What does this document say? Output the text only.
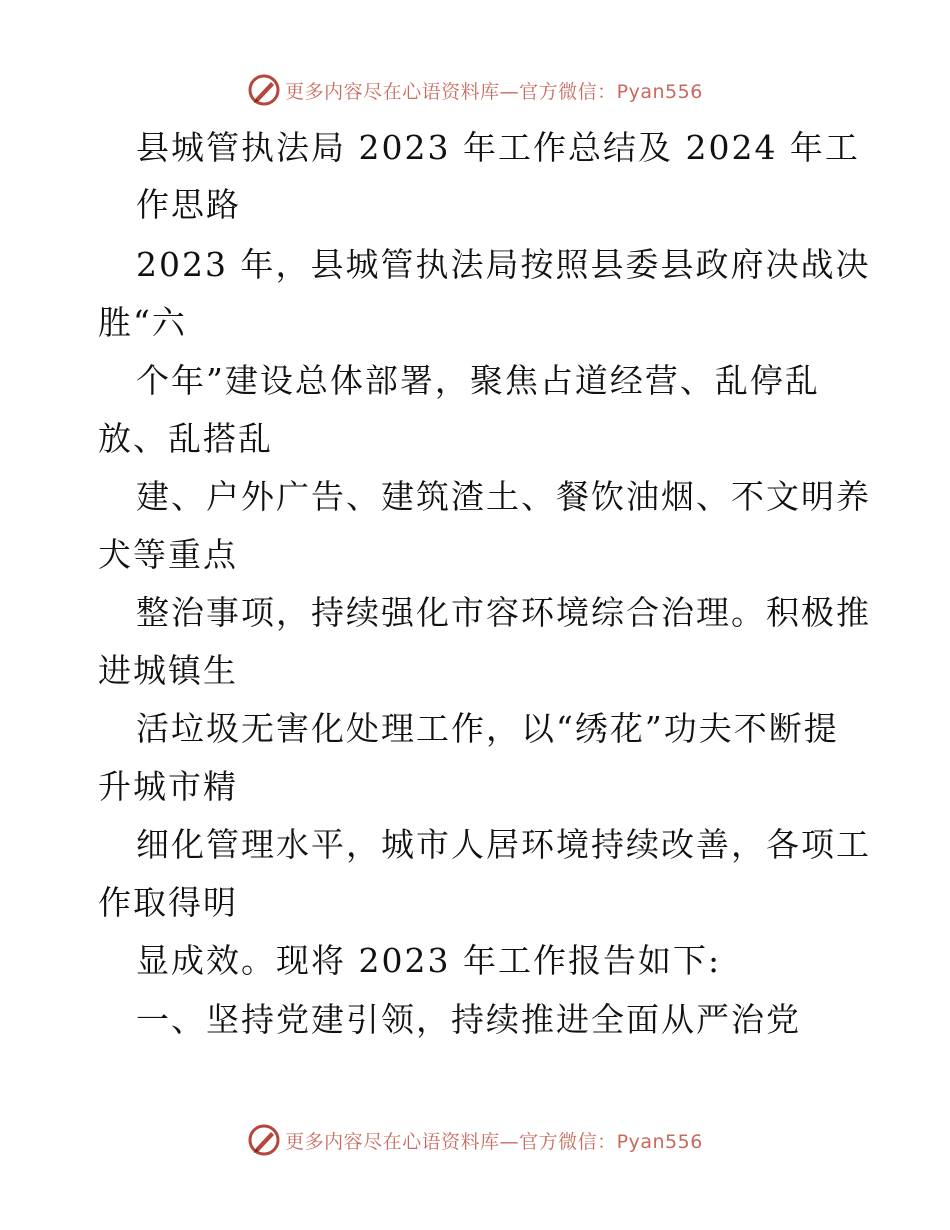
更多内容尽在心语资料库—官方微信：Pyan556
县城管执法局 2023 年工作总结及 2024 年工
作思路
2023 年，县城管执法局按照县委县政府决战决
胜“六
个年”建设总体部署，聚焦占道经营、乱停乱
放、乱搭乱
建、户外广告、建筑渣土、餐饮油烟、不文明养
犬等重点
整治事项，持续强化市容环境综合治理。积极推
进城镇生
活垃圾无害化处理工作，以“绣花”功夫不断提
升城市精
细化管理水平，城市人居环境持续改善，各项工
作取得明
显成效。现将 2023 年工作报告如下:
一、坚持党建引领，持续推进全面从严治党
更多内容尽在心语资料库—官方微信：Pyan556
